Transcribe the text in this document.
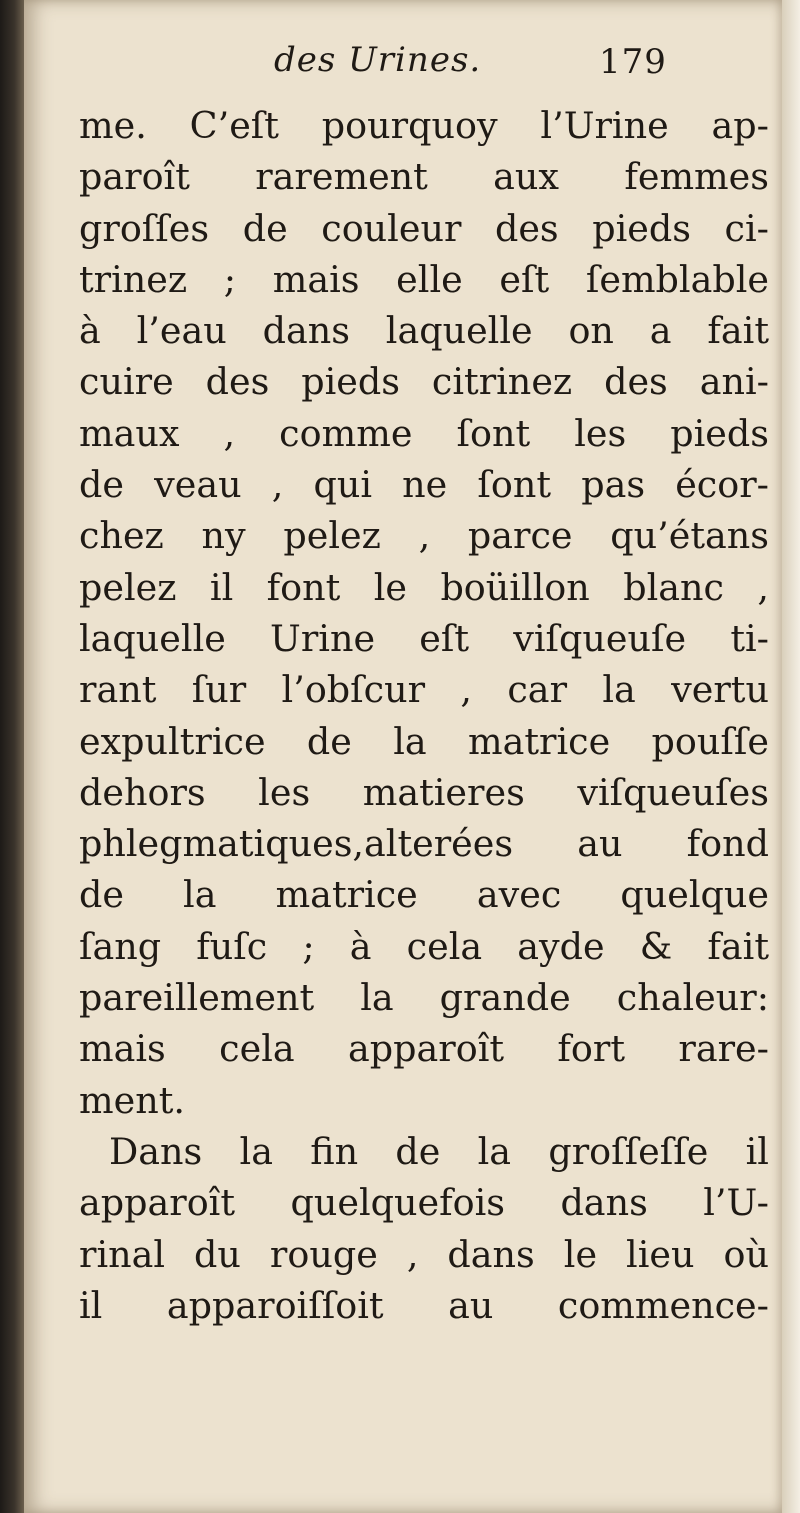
des Urines.	179
me. C’eſt pourquoy l’Urine ap-
paroît rarement aux femmes
groſſes de couleur des pieds ci-
trinez ; mais elle eſt ſemblable
à l’eau dans laquelle on a fait
cuire des pieds citrinez des ani-
maux , comme ſont les pieds
de veau , qui ne ſont pas écor-
chez ny pelez , parce qu’étans
pelez il font le boüillon blanc ,
laquelle Urine eſt viſqueuſe ti-
rant ſur l’obſcur , car la vertu
expultrice de la matrice pouſſe
dehors les matieres viſqueuſes
phlegmatiques,alterées au fond
de la matrice avec quelque
ſang fuſc ; à cela ayde & fait
pareillement la grande chaleur:
mais cela apparoît fort rare-
ment.
Dans la fin de la groſſeſſe il
apparoît quelquefois dans l’U-
rinal du rouge , dans le lieu où
il apparoiſſoit au commence-
